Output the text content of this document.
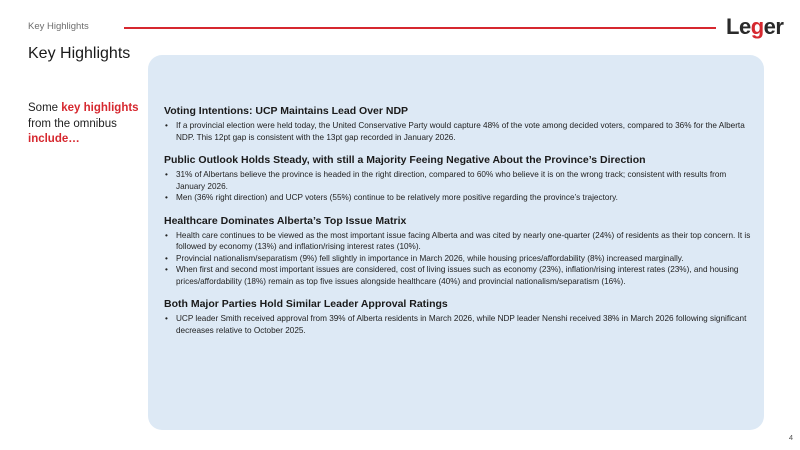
Key Highlights	Leger
Key Highlights
Some key highlights from the omnibus include…
Voting Intentions: UCP Maintains Lead Over NDP
• If a provincial election were held today, the United Conservative Party would capture 48% of the vote among decided voters, compared to 36% for the Alberta NDP. This 12pt gap is consistent with the 13pt gap recorded in January 2026.
Public Outlook Holds Steady, with still a Majority Feeing Negative About the Province’s Direction
• 31% of Albertans believe the province is headed in the right direction, compared to 60% who believe it is on the wrong track; consistent with results from January 2026.
• Men (36% right direction) and UCP voters (55%) continue to be relatively more positive regarding the province’s trajectory.
Healthcare Dominates Alberta’s Top Issue Matrix
• Health care continues to be viewed as the most important issue facing Alberta and was cited by nearly one-quarter (24%) of residents as their top concern. It is followed by economy (13%) and inflation/rising interest rates (10%).
• Provincial nationalism/separatism (9%) fell slightly in importance in March 2026, while housing prices/affordability (8%) increased marginally.
• When first and second most important issues are considered, cost of living issues such as economy (23%), inflation/rising interest rates (23%), and housing prices/affordability (18%) remain as top five issues alongside healthcare (40%) and provincial nationalism/separatism (16%).
Both Major Parties Hold Similar Leader Approval Ratings
• UCP leader Smith received approval from 39% of Alberta residents in March 2026, while NDP leader Nenshi received 38% in March 2026 following significant decreases relative to October 2025.
4
